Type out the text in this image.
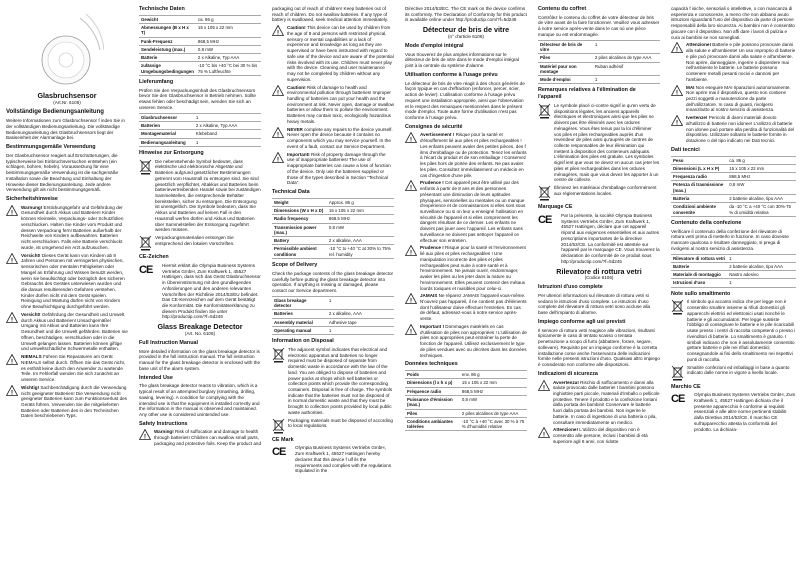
Glasbruchsensor
(Art.Nr. 6106)
Vollständige Bedienungsanleitung

Weitere Informationen zum Glasbruchsensor f inden Sie in der vollständigen Bedienungsanleitung. Die vollständige Bedienungsanleitung des Glasbruchsensors liegt der Basiseinheit der Alarmanlage bei.

Bestimmungsgemäße Verwendung

Der Glasbruchsensor reagiert auf Erschütterungen, die typischerweise bei Einbruchsversuchen entstehen (ein schlagen, bohren, hebeln). Voraussetzung für eine bestimmungsgemäße Verwendung ist die sachgemäße Installation sowie die Beachtung und Einhaltung der Hinweise dieser Bedienungsanleitung. Jede andere Verwendung gilt als nicht bestimmungsgemäß.

Sicherheitshinweise
!

Warnung! Erstickungsgefahr und Gefährdung der Gesundheit durch Akkus und Batterien! Kinder können Kleinteile, Verpackungs- oder Schutzfolien verschlucken. Halten Sie Kinder vom Produkt und dessen Verpackung fern! Batterien außerhalb der Reichweite von Kindern aufbewahren. Batterien nicht verschlucken. Falls eine Batterie verschluckt wurde, ist umgehend ein Arzt aufzusuchen.

!

Vorsicht! Dieses Gerät kann von Kindern ab 8 Jahren und Personen mit verringerten physischen, sensorischen oder mentalen Fähigkeiten oder Mangel an Erfahrung und Wissen benutzt werden, wenn sie beaufsichtigt oder bezüglich des sicheren Gebrauchs des Gerätes unterwiesen wurden und die daraus resultierenden Gefahren verstehen. Kinder dürfen nicht mit dem Gerät spielen. Reinigung und Wartung dürfen nicht von Kindern ohne Beaufsichtigung durchgeführt werden.

!

Vorsicht! Gefährdung der Gesundheit und Umwelt durch Akkus und Batterien! Unsachgemäßer Umgang mit Akkus und Batterien kann Ihre Gesundheit und die Umwelt gefährden. Batterien nie öffnen, beschädigen, verschlucken oder in die Umwelt gelangen lassen. Batterien können giftige und umweltschädliche Schwermetalle enthalten.

!

NIEMALS Führen Sie Reparaturen am Gerät NIEMALS selbst durch. Öffnen Sie das Gerät nicht, es enthält keine durch den Anwender zu wartende Teile. Im Fehlerfall wenden Sie sich zunächst an unseren Service.

!

Wichtig! Sachbeschädigung durch die Verwendung nicht geeigneter Batterien! Die Verwendung nicht geeigneter Batterien kann zum Funktionsverlust des Geräts führen. Verwenden Sie die mitgelieferten Batterien oder Batterien des in den Technischen Daten beschriebenen Typs.

Technische Daten
Gewicht	ca. 86 g
Abmessungen (B x H x T)	15 x 105 x 22 mm
Funk-Frequenz	868,5 MHz
Sendeleistung (max.)	0,8 mW
Batterie	2 x Alkaline, Typ AAA
zulässige Umgebungsbedingungen	-10 °C bis +40 °C bei 30 % bis 75 % Luftfeuchte
Lieferumfang

Prüfen Sie den Verpackungsinhalt des Glasbruchsensors bevor Sie den Glasbruchsensor in Betrieb nehmen. Sollte etwas fehlen oder beschädigt sein, wenden Sie sich an unseren Service.

Glasbruchsensor	1
Batterien	2 x Alkaline, Typ AAA
Montagematerial	Klebeband
Bedienungsanleitung	1
Hinweise zur Entsorgung

Die nebenstehende Symbol bedeutet, dass elektrische und elektronische Altgeräte und Batterien aufgrund gesetzlicher Bestimmungen getrennt vom Hausmüll zu entsorgen sind. Sie sind gesetzlich verpflichtet, Altakkus und Batterien beim batterievertreibenden Handel sowie bei zuständigen Sammelstellen, die entsprechende Behälter bereitstellen, sicher zu entsorgen. Die Entsorgung ist unentgeltlich. Die Symbole bedeuten, dass Sie Akkus und Batterien auf keinen Fall in den Hausmüll werfen dürfen und Akkus und Batterien über Sammelstellen der Entsorgung zugeführt werden müssen.

Verpackungsmaterialien entsorgen Sie entsprechend den lokalen Vorschriften.

CE-Zeichen
CE	Hiermit erklärt die Olympia Business Systems Vertriebs GmbH, Zum Kraftwerk 1, 45527 Hattingen, dass sich das Gerät Glasbruchsensor in Übereinstimmung mit den grundlegenden Anforderungen und den anderen relevanten Vorschriften der Richtlinie 2014/53/EU befindet. Das CE-Kennzeichen auf dem Gerät bestätigt die Konformität. Die Konformitätserklärung zu diesem Produkt finden Sie unter http://productip.com/?f=5d245

Glass Breakage Detector
(Art. No. 6106)
Full Instruction Manual

More detailed information on the glass breakage detector is provided in the full instruction manual. The full instruction manual for the glass breakage detector is enclosed with the base unit of the alarm system.

Intended Use

The glass breakage detector reacts to vibration, which is a typical result of an attempted burglary (smashing, drilling, sawing, levering). A condition for complying with the intended use is that the equipment is installed correctly and the information in the manual is observed and maintained. Any other use is considered unintended use.

Safety Instructions
!

Warning! Risk of suffocation and damage to health through batteries! Children can swallow small parts, packaging and protective foils. Keep the product and

packaging out of reach of children! Keep batteries out of reach of children. Do not swallow batteries. If any type of battery is swallowed, seek medical attention immediately.

!

Caution! This device can be used by children from the age of 8 and persons with restricted physical, sensory or mental capabilities or a lack of experience and knowledge as long as they are supervised or have been instructed with regard to safe use of the device and are aware of the potential risks involved with its use. Children must never play with the device. Cleaning and user maintenance may not be completed by children without any supervision.

!

Caution! Risk of damage to health and environmental pollution through batteries! Improper handling of batteries can put your health and the environment at risk. Never open, damage or swallow batteries or allow them to pollute the environment. Batteries may contain toxic, ecologically hazardous heavy metals.

!

NEVER complete any repairs to the device yourself. Never open the device because it contains no components which you may service yourself. In the event of a fault, contact our Service Department.

!

Important! Risk of property damage through the use of inappropriate batteries! The use of inappropriate batteries can cause a loss of function of the device. Only use the batteries supplied or those of the types described in Section "Technical Data".

Technical Data
Weight	Approx. 86 g
Dimensions (W x H x D)	15 x 105 x 22 mm
Radio frequency	868.5 MHz
Transmission power (max.)	0.8 mW
Battery	2 x alkaline, AAA
Permissible ambient conditions	-10 °C to +40 °C at 30% to 75% rel. humidity
Scope of Delivery

Check the package contents of the glass breakage detector carefully before putting the glass breakage detector into operation. If anything is missing or damaged, please contact our Service department.

Glass breakage detector	1
Batteries	2 x alkaline, AAA
Assembly material	Adhesive tape
Operating manual	1
Information on Disposal

The adjacent symbol indicates that electrical and electronic apparatus and batteries no longer required must be disposed of separate from domestic waste in accordance with the law of the land. You are obliged to dispose of batteries and power packs at shops which sell batteries or collection points which provide the corresponding containers. Disposal is free of charge. The symbols indicate that the batteries must not be disposed of in normal domestic waste and that they must be brought to collection points provided by local public waste authorities.

Packaging materials must be disposed of according to local regulations.

CE Mark
CE	Olympia Business Systems Vertriebs GmbH, Zum Kraftwerk 1, 45527 Hattingen hereby declares that this device f ulf ils the requirements and complies with the regulations stipulated in the

Directive 2014/53/EC. The CE mark on the device confirms its conformity. The Declaration of Conformity for this product is available online under http://productip.com/?f=5d245

Détecteur de bris de vitre
(n° d'article 6106)
Mode d'emploi intégral

Vous trouverez de plus amples informations sur le détecteur de bris de vitre dans le mode d'emploi intégral joint à la centrale du système d'alarme.

Utilisation conforme à l'usage prévu

Le détecteur de bris de vitre réagit à des chocs générés de façon typique en cas d'effraction (enfoncer, percer, scier, action de levier). L'utilisation conforme à l'usage prévu requiert une installation appropriée, ainsi que l'observation et le respect des remarques mentionnées dans le présent mode d'emploi. Toute autre forme d'utilisation n'est pas conforme à l'usage prévu.

Consignes de sécurité
!

Avertissement ! Risque pour la santé et d'étouffement lié aux piles et piles rechargeables ! Les enfants peuvent avaler des petites pièces, des f ilms d'emballage ou de protection. Tenez les enfants à l'écart du produit et de son emballage ! Conservez les piles hors de portée des enfants. Ne pas avaler les piles. Consultez immédiatement un médecin en cas d'ingestion d'une pile.

!

Prudence ! Cet appareil peut être utilisé par des enfants à partir de 8 ans et des personnes présentant une diminution de leurs aptitudes physiques, sensorielles ou mentales ou un manque d'expérience et de connaissances si elles sont sous surveillance ou si on leur a enseigné l'utilisation en sécurité de l'appareil et si elles comprennent les dangers résultant de ce dernier. Les enfants ne doivent pas jouer avec l'appareil. Les enfants sans surveillance ne doivent pas nettoyer l'appareil ce effectuer son entretien.

!

Prudence ! Risque pour la santé et l'environnement lié aux piles et piles rechargeables ! Une manipulation incorrecte des piles et piles rechargeables peut nuire à votre santé et à l'environnement. Ne jamais ouvrir, endommager, avaler les piles ou les jeter dans la nature ou l'environnement. Elles peuvent contenir des métaux lourds toxiques et nuisibles pour celui-ci.

!

JAMAIS Ne réparez JAMAIS l'appareil vous-même. N'ouvrez pas l'appareil, il ne contient pas d'éléments dont l'utilisateur doive effectuer l'entretien. En cas de défaut, adressez-vous à notre service après-vente.

!

Important ! Dommages matériels en cas d'utilisation de piles non appropriées ! L'utilisation de piles non appropriées peut entraîner la perte de fonction de l'appareil. Utilisez exclusivement le type de piles vendues avec ou décrites dans les données techniques.

Données techniques
Poids	env. 86 g
Dimensions (l x h x p)	15 x 105 x 22 mm
Fréquence radio	868,5 MHz
Puissance d'émission (max.)	0,8 mW
Piles	2 piles alcalines de type AAA
Conditions ambiantes tolérées	-10 °C à +40 °C avec 30 % à 75 % d'humidité relative
Contenu du coffret

Contrôlez le contenu du coffret de votre détecteur de bris de vitre avant de la faire fonctionner. Veuillez vous adresser à notre service après-vente dans le cas où une pièce manque ou est endommagée.

Détecteur de bris de vitre	1
Piles	2 piles alcalines de type AAA
Matériel pour son montage	Ruban adhésif
Mode d'emploi	1
Remarques relatives à l'élimination de l'appareil

Le symbole placé ci-contre signif ie qu'en vertu de dispositions légales, les anciens appareils électriques et électroniques ainsi que les piles ne doivent pas être éliminés avec les ordures ménagères. Vous êtes tenus par la loi d'éliminer vos piles et piles rechargeables auprès d'un revendeur de piles ainsi qu'auprès de centres de collecte responsables de leur élimination qui mettent à disposition des conteneurs adéquats. L'élimination des piles est gratuite. Les symboles signif ient que vous ne devez en aucun cas jeter les piles et piles rechargeables dans les ordures ménagères, mais que vous devez les apporter à un centre de collecte.

Éliminez les matériaux d'emballage conformément aux réglementations locales.

Marquage CE
CE	Par la présente, la société Olympia Business Systems Vertriebs GmbH, Zum Kraftwerk 1, 45527 Hattingen, déclare que cet appareil répond aux exigences essentielles et aux autres prescriptions importantes de la directive 2014/53/CE. La conformité est attestée sur l'appareil par le marquage CE. Vous trouverez la déclaration de conformité de ce produit sous http://productip.com/?f=5d245

Rilevatore di rottura vetri
(Codice 6106)
Istruzioni d'uso complete

Per ulteriori informazioni sul rilevatore di rottura vetri si vedano le istruzioni d'uso complete. Le istruzioni d'uso complete del rilevatore di rottura vetri sono accluse alla base dell'impianto di allarme.

Impiego conforme agli usi previsti

Il sensore di rottura vetri reagisce alle vibrazioni, risultanti tipicamente in caso di tentato scasso o tentata penetrazione a scopo di furto (abbattere, forare, segare, sollevare). Requisito per un impiego conforme è la corretta installazione come anche l'osservanza delle indicazioni fornite nelle presenti istruzioni d'uso. Qualsiasi altro impiego è considerato non conforme alle disposizioni.

Indicazioni di sicurezza
!

Avvertenza! Rischio di soffocamento e danni alla salute provocato dalle batterie! I bambini possono inghiottire parti piccole, materiali d'imballo o pellicole protettive. Tenere il prodotto e la confezione lontani dalla portata dei bambini! Conservare le batterie fuori dalla portata dei bambini. Non ingerire le batterie. In caso di ingestione di una batteria o pila, consultare immediatamente un medico.

!

Attenzione! L'utilizzo del dispositivo non è consentito alle persone, inclusi i bambini di età superiore agli 8 anni, con ridotte

capacità f isiche, sensoriali o intellettive, o con mancanza di esperienza e conoscenze, a meno che non abbiano avuto istruzioni riguardanti l'uso del dispositivo da parte di persone responsabili della loro sicurezza. Ai bambini non è consentito giocare con il dispositivo. Non affi dare i lavori di pulizia e cura ai bambini se non sorvegliati.

!

Attenzione! Batterie e pile possono provocare danni alla salute e all'ambiente! Un uso improprio di batterie e pile può provocare danni alla salute e all'ambiente. Non aprire, danneggiare, ingerire o disperdere mai nell'ambiente le batterie. Le batterie possono contenere metalli pesanti nocivi e dannosi per l'ambiente.

!

MAI Non eseguire MAI riparazioni autonomamente. Non aprire mai il dispositivo, questo non contiene pezzi soggetti a manutenzione da parte dell'utilizzatore. In caso di guasti, rivolgersi innanzitutto al nostro servizio di assistenza.

!

Ivertenze! Pericolo di danni materiali dovuto all'utilizzo di batterie non idonee! L'utilizzo di batterie non idonee può portare alla perdita di funzionalità del dispositivo. Utilizzare soltanto le batterie fornite in dotazione o del tipo indicato nei Dati tecnici.

Dati tecnici
Peso	ca. 86 g
Dimensioni (L x H x P)	15 x 105 x 22 mm
Frequenza radio	868,5 MHz
Potenza di trasmissione (max.)	0,8 mW
Batteria	2 batterie alcaline, tipo AAA
Condizioni ambiente consentite	da -10 °C a +40 °C con 30%-75 % di umidità relativa
Contenuto della confezione

Verificare il contenuto della confezione del rilevatore di rottura vetri prima di metterlo in funzione. In caso dovesse mancare qualcosa o risultare danneggiato, si prega di rivolgersi al nostro servizio di assistenza.

Rilevatore di rottura vetri	1
Batterie	2 batterie alcaline, tipo AAA
Materiale di montaggio	Nastro adesivo
Istruzioni d'uso	1
Note sullo smaltimento

Il simbolo qui accanto indica che per legge non è consentito smaltire insieme ai rifiuti domestici gli apparecchi elettrici ed elettronici usati nonché le batterie e gli accumulatori. Per legge sussiste l'obbligo di consegnare le batterie e le pile ricaricabili usate presso i centri di raccolta competenti o presso i rivenditori di batterie. Lo smaltimento è gratuito. I simboli indicano che non è assolutamente consentito gettare batterie e pile nei rifiuti domestici; consegnandole ai fini dello smaltimento nei rispettivi punti di raccolta.

Smaltire confezioni ed imballaggi in base a quanto indicato dalle norme in vigore a livello locale.

Marchio CE
CE	Olympia Business Systems Vertriebs GmbH, Zum Kraftwerk 1, 45527 Hattingen dichiara che il presente apparecchio è conforme ai requisiti essenziali e alle altre norme pertinenti stabiliti dalla Direttiva 2014/53/CE. Il marchio CE sull'apparecchio attesta la conformità del prodotto. La dichiara-
